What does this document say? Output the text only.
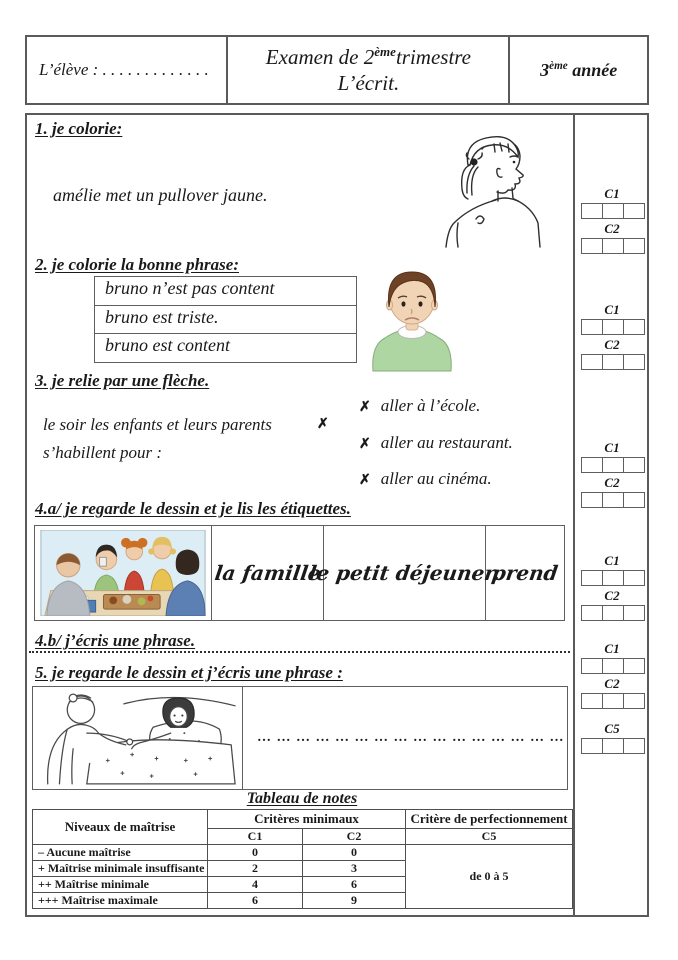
L’élève : . . . . . . . . . . . . .
Examen de 2èmetrimestre
L’écrit.
3ème année
1. je colorie:
amélie met un pullover jaune.
2. je colorie la bonne phrase:
bruno n’est pas content
bruno est triste.
bruno est content
3. je relie par une flèche.
le soir les enfants et leurs parents	✗
s’habillent pour :
✗ aller à l’école.
✗ aller au restaurant.
✗ aller au cinéma.
4.a/ je regarde le dessin et je lis les étiquettes.
la famille
le petit déjeuner.
prend
4.b/ j’écris une phrase.
5. je regarde le dessin et j’écris une phrase :
… … … … … … … … … … … … … … … …
Tableau de notes
Niveaux de maîtrise	Critères minimaux		Critère de perfectionnement
	C1	C2	C5
– Aucune maîtrise	0	0	de 0 à 5
+ Maîtrise minimale insuffisante	2	3	
++ Maîtrise minimale	4	6	
+++ Maîtrise maximale	6	9	
C1
C2
C1
C2
C1
C2
C1
C2
C1
C2
C5
